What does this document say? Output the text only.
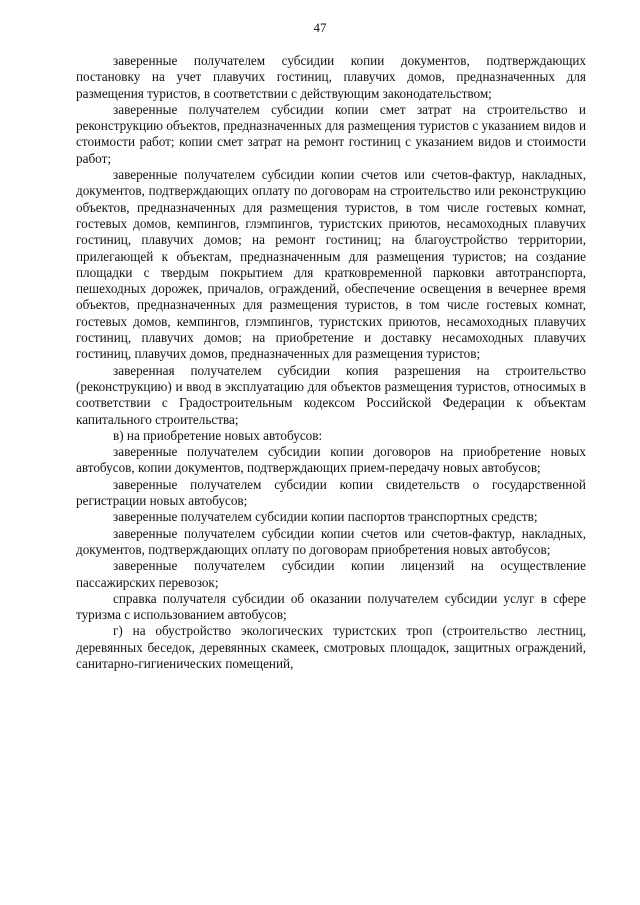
47

заверенные получателем субсидии копии документов, подтверждающих постановку на учет плавучих гостиниц, плавучих домов, предназначенных для размещения туристов, в соответствии с действующим законодательством;

заверенные получателем субсидии копии смет затрат на строительство и реконструкцию объектов, предназначенных для размещения туристов с указанием видов и стоимости работ; копии смет затрат на ремонт гостиниц с указанием видов и стоимости работ;

заверенные получателем субсидии копии счетов или счетов-фактур, накладных, документов, подтверждающих оплату по договорам на строительство или реконструкцию объектов, предназначенных для размещения туристов, в том числе гостевых комнат, гостевых домов, кемпингов, глэмпингов, туристских приютов, несамоходных плавучих гостиниц, плавучих домов; на ремонт гостиниц; на благоустройство территории, прилегающей к объектам, предназначенным для размещения туристов; на создание площадки с твердым покрытием для кратковременной парковки автотранспорта, пешеходных дорожек, причалов, ограждений, обеспечение освещения в вечернее время объектов, предназначенных для размещения туристов, в том числе гостевых комнат, гостевых домов, кемпингов, глэмпингов, туристских приютов, несамоходных плавучих гостиниц, плавучих домов; на приобретение и доставку несамоходных плавучих гостиниц, плавучих домов, предназначенных для размещения туристов;

заверенная получателем субсидии копия разрешения на строительство (реконструкцию) и ввод в эксплуатацию для объектов размещения туристов, относимых в соответствии с Градостроительным кодексом Российской Федерации к объектам капитального строительства;

в) на приобретение новых автобусов:

заверенные получателем субсидии копии договоров на приобретение новых автобусов, копии документов, подтверждающих прием-передачу новых автобусов;

заверенные получателем субсидии копии свидетельств о государственной регистрации новых автобусов;

заверенные получателем субсидии копии паспортов транспортных средств;

заверенные получателем субсидии копии счетов или счетов-фактур, накладных, документов, подтверждающих оплату по договорам приобретения новых автобусов;

заверенные получателем субсидии копии лицензий на осуществление пассажирских перевозок;

справка получателя субсидии об оказании получателем субсидии услуг в сфере туризма с использованием автобусов;

г) на обустройство экологических туристских троп (строительство лестниц, деревянных беседок, деревянных скамеек, смотровых площадок, защитных ограждений, санитарно-гигиенических помещений,
